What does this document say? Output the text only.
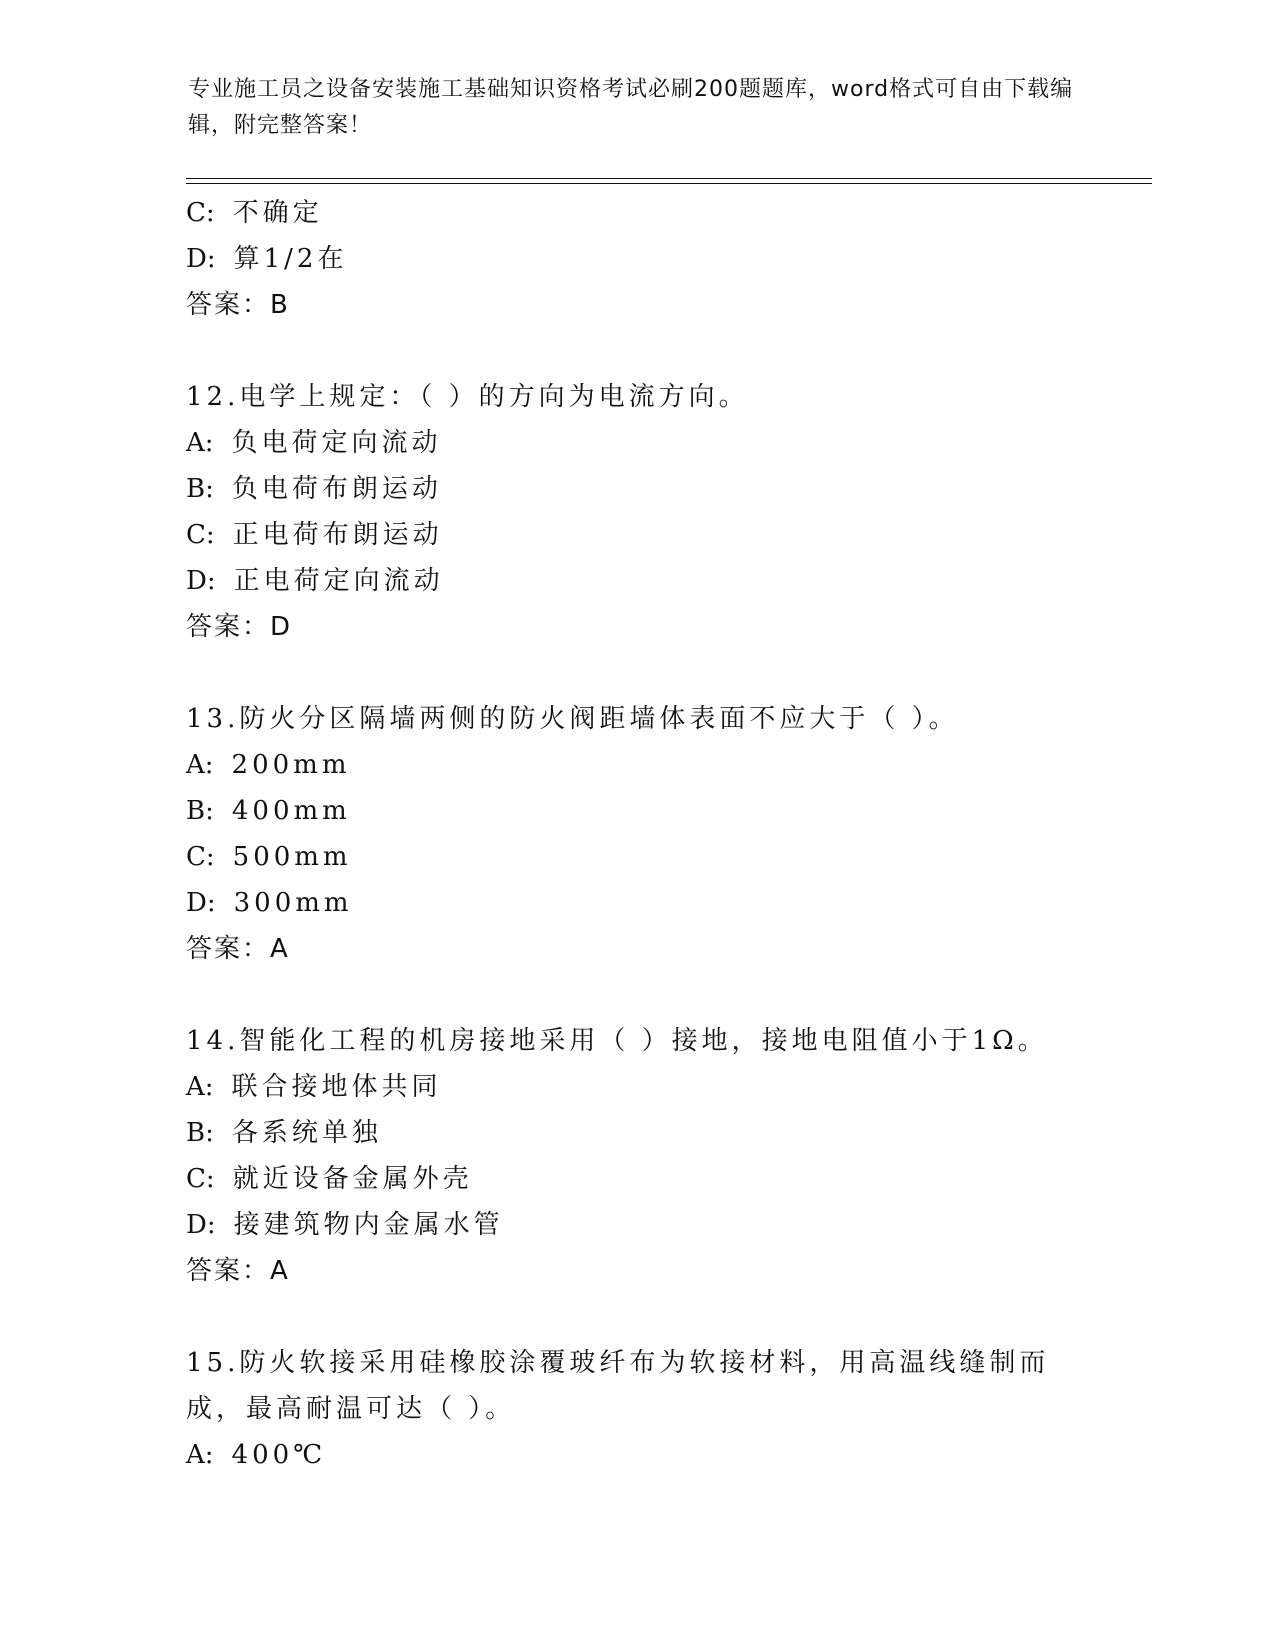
专业施工员之设备安装施工基础知识资格考试必刷200题题库，word格式可自由下载编辑，附完整答案！
C: 不确定
D: 算1/2在
答案：B
12.电学上规定：（ ）的方向为电流方向。
A: 负电荷定向流动
B: 负电荷布朗运动
C: 正电荷布朗运动
D: 正电荷定向流动
答案：D
13.防火分区隔墙两侧的防火阀距墙体表面不应大于（ ）。
A: 200mm
B: 400mm
C: 500mm
D: 300mm
答案：A
14.智能化工程的机房接地采用（ ）接地，接地电阻值小于1Ω。
A: 联合接地体共同
B: 各系统单独
C: 就近设备金属外壳
D: 接建筑物内金属水管
答案：A
15.防火软接采用硅橡胶涂覆玻纤布为软接材料，用高温线缝制而成，最高耐温可达（ ）。
A: 400℃
